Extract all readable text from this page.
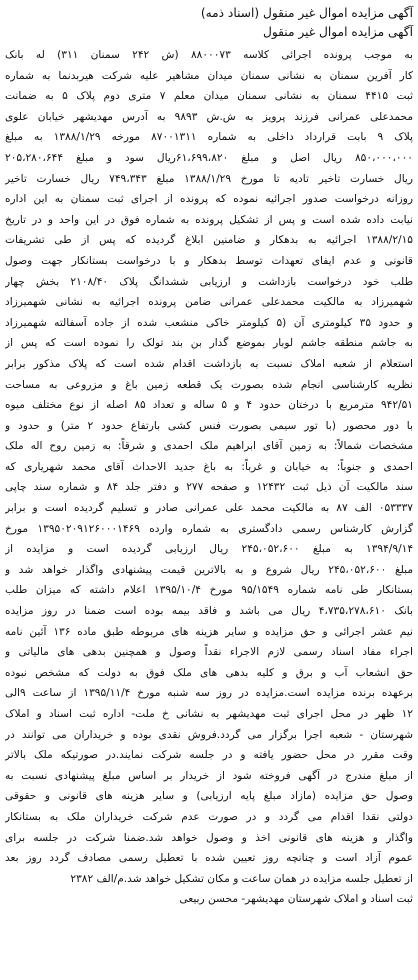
آگهی مزایده اموال غیر منقول (اسناد ذمه)
آگهی مزایده اموال غیر منقول
به موجب پرونده اجرائی کلاسه ۸۸۰۰۰۷۳ (ش ۲۴۲ سمنان ۳۱۱) له بانک
کار آفرین سمنان به نشانی سمنان میدان مشاهیر علیه شرکت هیربدنما به شماره
ثبت ۴۴۱۵ سمنان به نشانی سمنان میدان معلم ۷ متری دوم پلاک ۵ به ضمانت
محمدعلی عمرانی فرزند پرویز به ش.ش ۹۸۹۳ به آدرس مهدیشهر خیابان علوی
پلاک ۹ بابت قرارداد داخلی به شماره ۸۷۰۰۱۳۱۱ مورخه ۱۳۸۸/۱/۲۹ به مبلغ
۸۵۰،۰۰۰،۰۰۰ ریال اصل و مبلغ ۶۱،۶۹۹،۸۲۰ریال سود و مبلغ ۲۰۵،۲۸۰،۶۴۴
ریال خسارت تاخیر تادیه تا مورخ ۱۳۸۸/۱/۲۹ مبلغ ۷۴۹،۳۴۳ ریال خسارت تاخیر
روزانه درخواست صدور اجرائیه نموده که پرونده از اجرای ثبت سمنان به این اداره
نیابت داده شده است و پس از تشکیل پرونده به شماره فوق در این واحد و در تاریخ
۱۳۸۸/۲/۱۵ اجرائیه به بدهکار و ضامنین ابلاغ گردیده که پس از طی تشریفات
قانونی و عدم ایفای تعهدات توسط بدهکار و با درخواست بستانکار جهت وصول
طلب خود درخواست بازداشت و ارزیابی ششدانگ پلاک ۲۱۰۸/۴۰ بخش چهار
شهمیرزاد به مالکیت محمدعلی عمرانی ضامن پرونده اجرائیه به نشانی شهمیرزاد
و حدود ۳۵ کیلومتری آن (۵ کیلومتر خاکی منشعب شده از جاده آسفالته شهمیرزاد
به جاشم منطقه جاشم لوبار بموضع گدار بن بند تولک را نموده است که پس از
استعلام از شعبه املاک نسبت به بازداشت اقدام شده است که پلاک مذکور برابر
نظریه کارشناسی انجام شده بصورت یک قطعه زمین باغ و مزروعی به مساحت
۹۴۲/۵۱ مترمربع با درختان حدود ۴ و ۵ ساله و تعداد ۸۵ اصله از نوع مختلف میوه
با دور محصور (با تور سیمی بصورت فنس کشی بارتفاع حدود ۲ متر) و حدود و
مشخصات شمالاً: به زمین آقای ابراهیم ملک احمدی و شرقاً: به زمین روح اله ملک
احمدی و جنوباً: به خیابان و غرباً: به باغ جدید الاحداث آقای محمد شهریاری که
سند مالکیت آن ذیل ثبت ۱۲۴۳۲ و صفحه ۲۷۷ و دفتر جلد ۸۴ و شماره سند چاپی
۰۵۳۳۳۷ الف ۸۷ به مالکیت محمد علی عمرانی صادر و تسلیم گردیده است و برابر
گزارش کارشناس رسمی دادگستری به شماره وارده ۱۳۹۵۰۲۰۹۱۲۶۰۰۰۱۴۶۹ مورخ
۱۳۹۴/۹/۱۴ به مبلغ ۲۴۵،۰۵۲،۶۰۰ ریال ارزیابی گردیده است و مزایده از
مبلغ ۲۴۵،۰۵۲،۶۰۰ ریال شروع و به بالاترین قیمت پیشنهادی واگذار خواهد شد و
بستانکار طی نامه شماره ۹۵/۱۵۴۹ مورخ ۱۳۹۵/۱۰/۴ اعلام داشته که میزان طلب
بانک ۴،۷۳۵،۲۷۸،۶۱۰ ریال می باشد و فاقد بیمه بوده است ضمنا در روز مزایده
نیم عشر اجرائی و حق مزایده و سایر هزینه های مربوطه طبق ماده ۱۳۶ آئین نامه
اجراء مفاد اسناد رسمی لازم الاجراء نقداً وصول و همچنین بدهی های مالیاتی و
حق انشعاب آب و برق و کلیه بدهی های ملک فوق به دولت که مشخص نبوده
برعهده برنده مزایده است.مزایده در روز سه شنبه مورخ ۱۳۹۵/۱۱/۴ از ساعت ۹الی
۱۲ ظهر در محل اجرای ثبت مهدیشهر به نشانی خ ملت- اداره ثبت اسناد و املاک
شهرستان - شعبه اجرا برگزار می گردد.فروش نقدی بوده و خریداران می توانند در
وقت مقرر در محل حضور یافته و در جلسه شرکت نمایند.در صورتیکه ملک بالاتر
از مبلغ مندرج در آگهی فروخته شود از خریدار بر اساس مبلغ پیشنهادی نسبت به
وصول حق مزایده (مازاد مبلغ پایه ارزیابی) و سایر هزینه های قانونی و حقوقی
دولتی نقدا اقدام می گردد و در صورت عدم شرکت خریداران ملک به بستانکار
واگذار و هزینه های قانونی اخذ و وصول خواهد شد.ضمنا شرکت در جلسه برای
عموم آزاد است و چنانچه روز تعیین شده با تعطیل رسمی مصادف گردد روز بعد
از تعطیل جلسه مزایده در همان ساعت و مکان تشکیل خواهد شد.م/الف ۲۳۸۲
ثبت اسناد و املاک شهرستان مهدیشهر- محسن ربیعی
